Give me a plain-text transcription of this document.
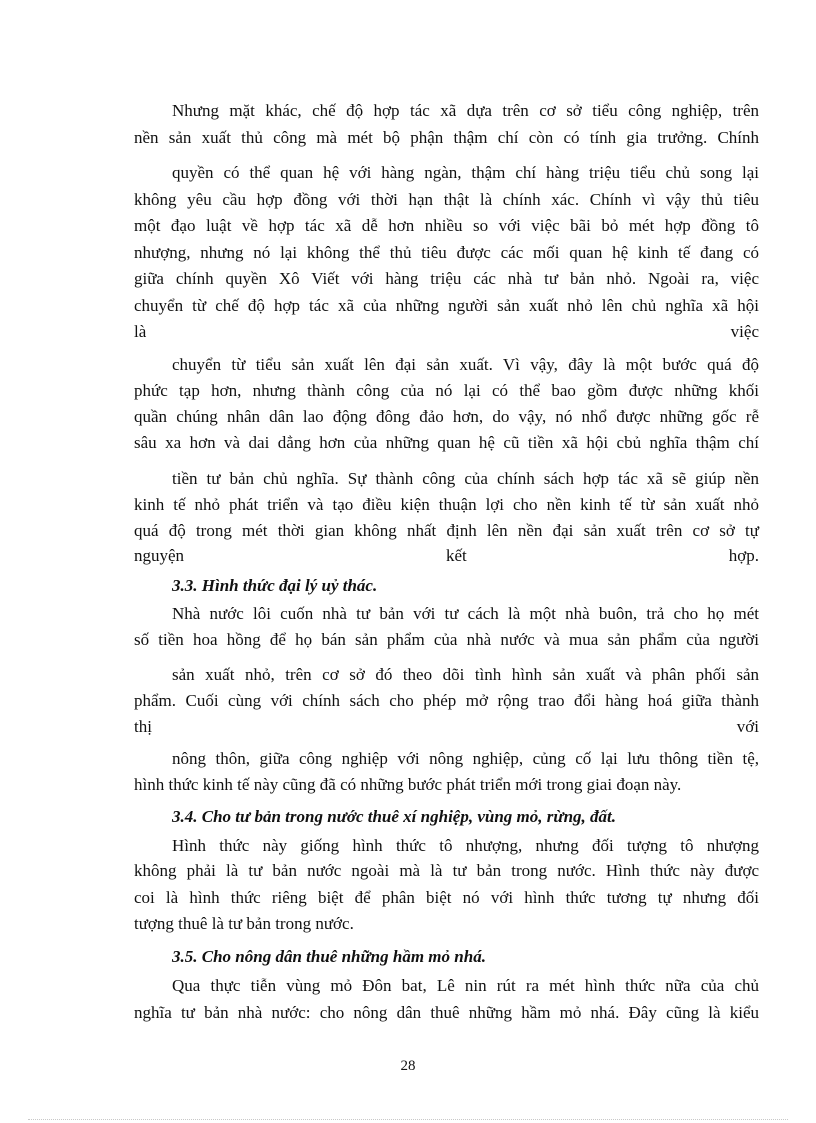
Nhưng mặt khác, chế độ hợp tác xã dựa trên cơ sở tiểu công nghiệp, trên
nền sản xuất thủ công mà mét bộ phận thậm chí còn có tính gia trưởng. Chính
quyền có thể quan hệ với hàng ngàn, thậm chí hàng triệu tiểu chủ song lại
không yêu cầu hợp đồng với thời hạn thật là chính xác. Chính vì vậy thủ tiêu
một đạo luật về hợp tác xã dễ hơn nhiều so với việc bãi bỏ mét hợp đồng tô
nhượng, nhưng nó lại không thể thủ tiêu được các mối quan hệ kinh tế đang có
giữa chính quyền Xô Viết với hàng triệu các nhà tư bản nhỏ. Ngoài ra, việc
chuyển từ chế độ hợp tác xã của những người sản xuất nhỏ lên chủ nghĩa xã hội
là việc
chuyển từ tiểu sản xuất lên đại sản xuất. Vì vậy, đây là một bước quá độ
phức tạp hơn, nhưng thành công của nó lại có thể bao gồm được những khối
quần chúng nhân dân lao động đông đảo hơn, do vậy, nó nhổ được những gốc rễ
sâu xa hơn và dai dẳng hơn của những quan hệ cũ tiền xã hội cbủ nghĩa thậm chí
tiền tư bản chủ nghĩa. Sự thành công của chính sách hợp tác xã sẽ giúp nền
kinh tế nhỏ phát triển và tạo điều kiện thuận lợi cho nền kinh tế từ sản xuất nhỏ
quá độ trong mét thời gian không nhất định lên nền đại sản xuất trên cơ sở tự
nguyện kết hợp.
3.3. Hình thức đại lý uỷ thác.
Nhà nước lôi cuốn nhà tư bản với tư cách là một nhà buôn, trả cho họ mét
số tiền hoa hồng để họ bán sản phẩm của nhà nước và mua sản phẩm của người
sản xuất nhỏ, trên cơ sở đó theo dõi tình hình sản xuất và phân phối sản
phẩm. Cuối cùng với chính sách cho phép mở rộng trao đổi hàng hoá giữa thành
thị với
nông thôn, giữa công nghiệp với nông nghiệp, củng cố lại lưu thông tiền tệ,
hình thức kinh tế này cũng đã có những bước phát triển mới trong giai đoạn này.
3.4. Cho tư bản trong nước thuê xí nghiệp, vùng mỏ, rừng, đất.
Hình thức này giống hình thức tô nhượng, nhưng đối tượng tô nhượng
không phải là tư bản nước ngoài mà là tư bản trong nước. Hình thức này được
coi là hình thức riêng biệt để phân biệt nó với hình thức tương tự nhưng đối
tượng thuê là tư bản trong nước.
3.5. Cho nông dân thuê những hầm mỏ nhá.
Qua thực tiễn vùng mỏ Đôn bat, Lê nin rút ra mét hình thức nữa của chủ
nghĩa tư bản nhà nước: cho nông dân thuê những hầm mỏ nhá. Đây cũng là kiểu
28
